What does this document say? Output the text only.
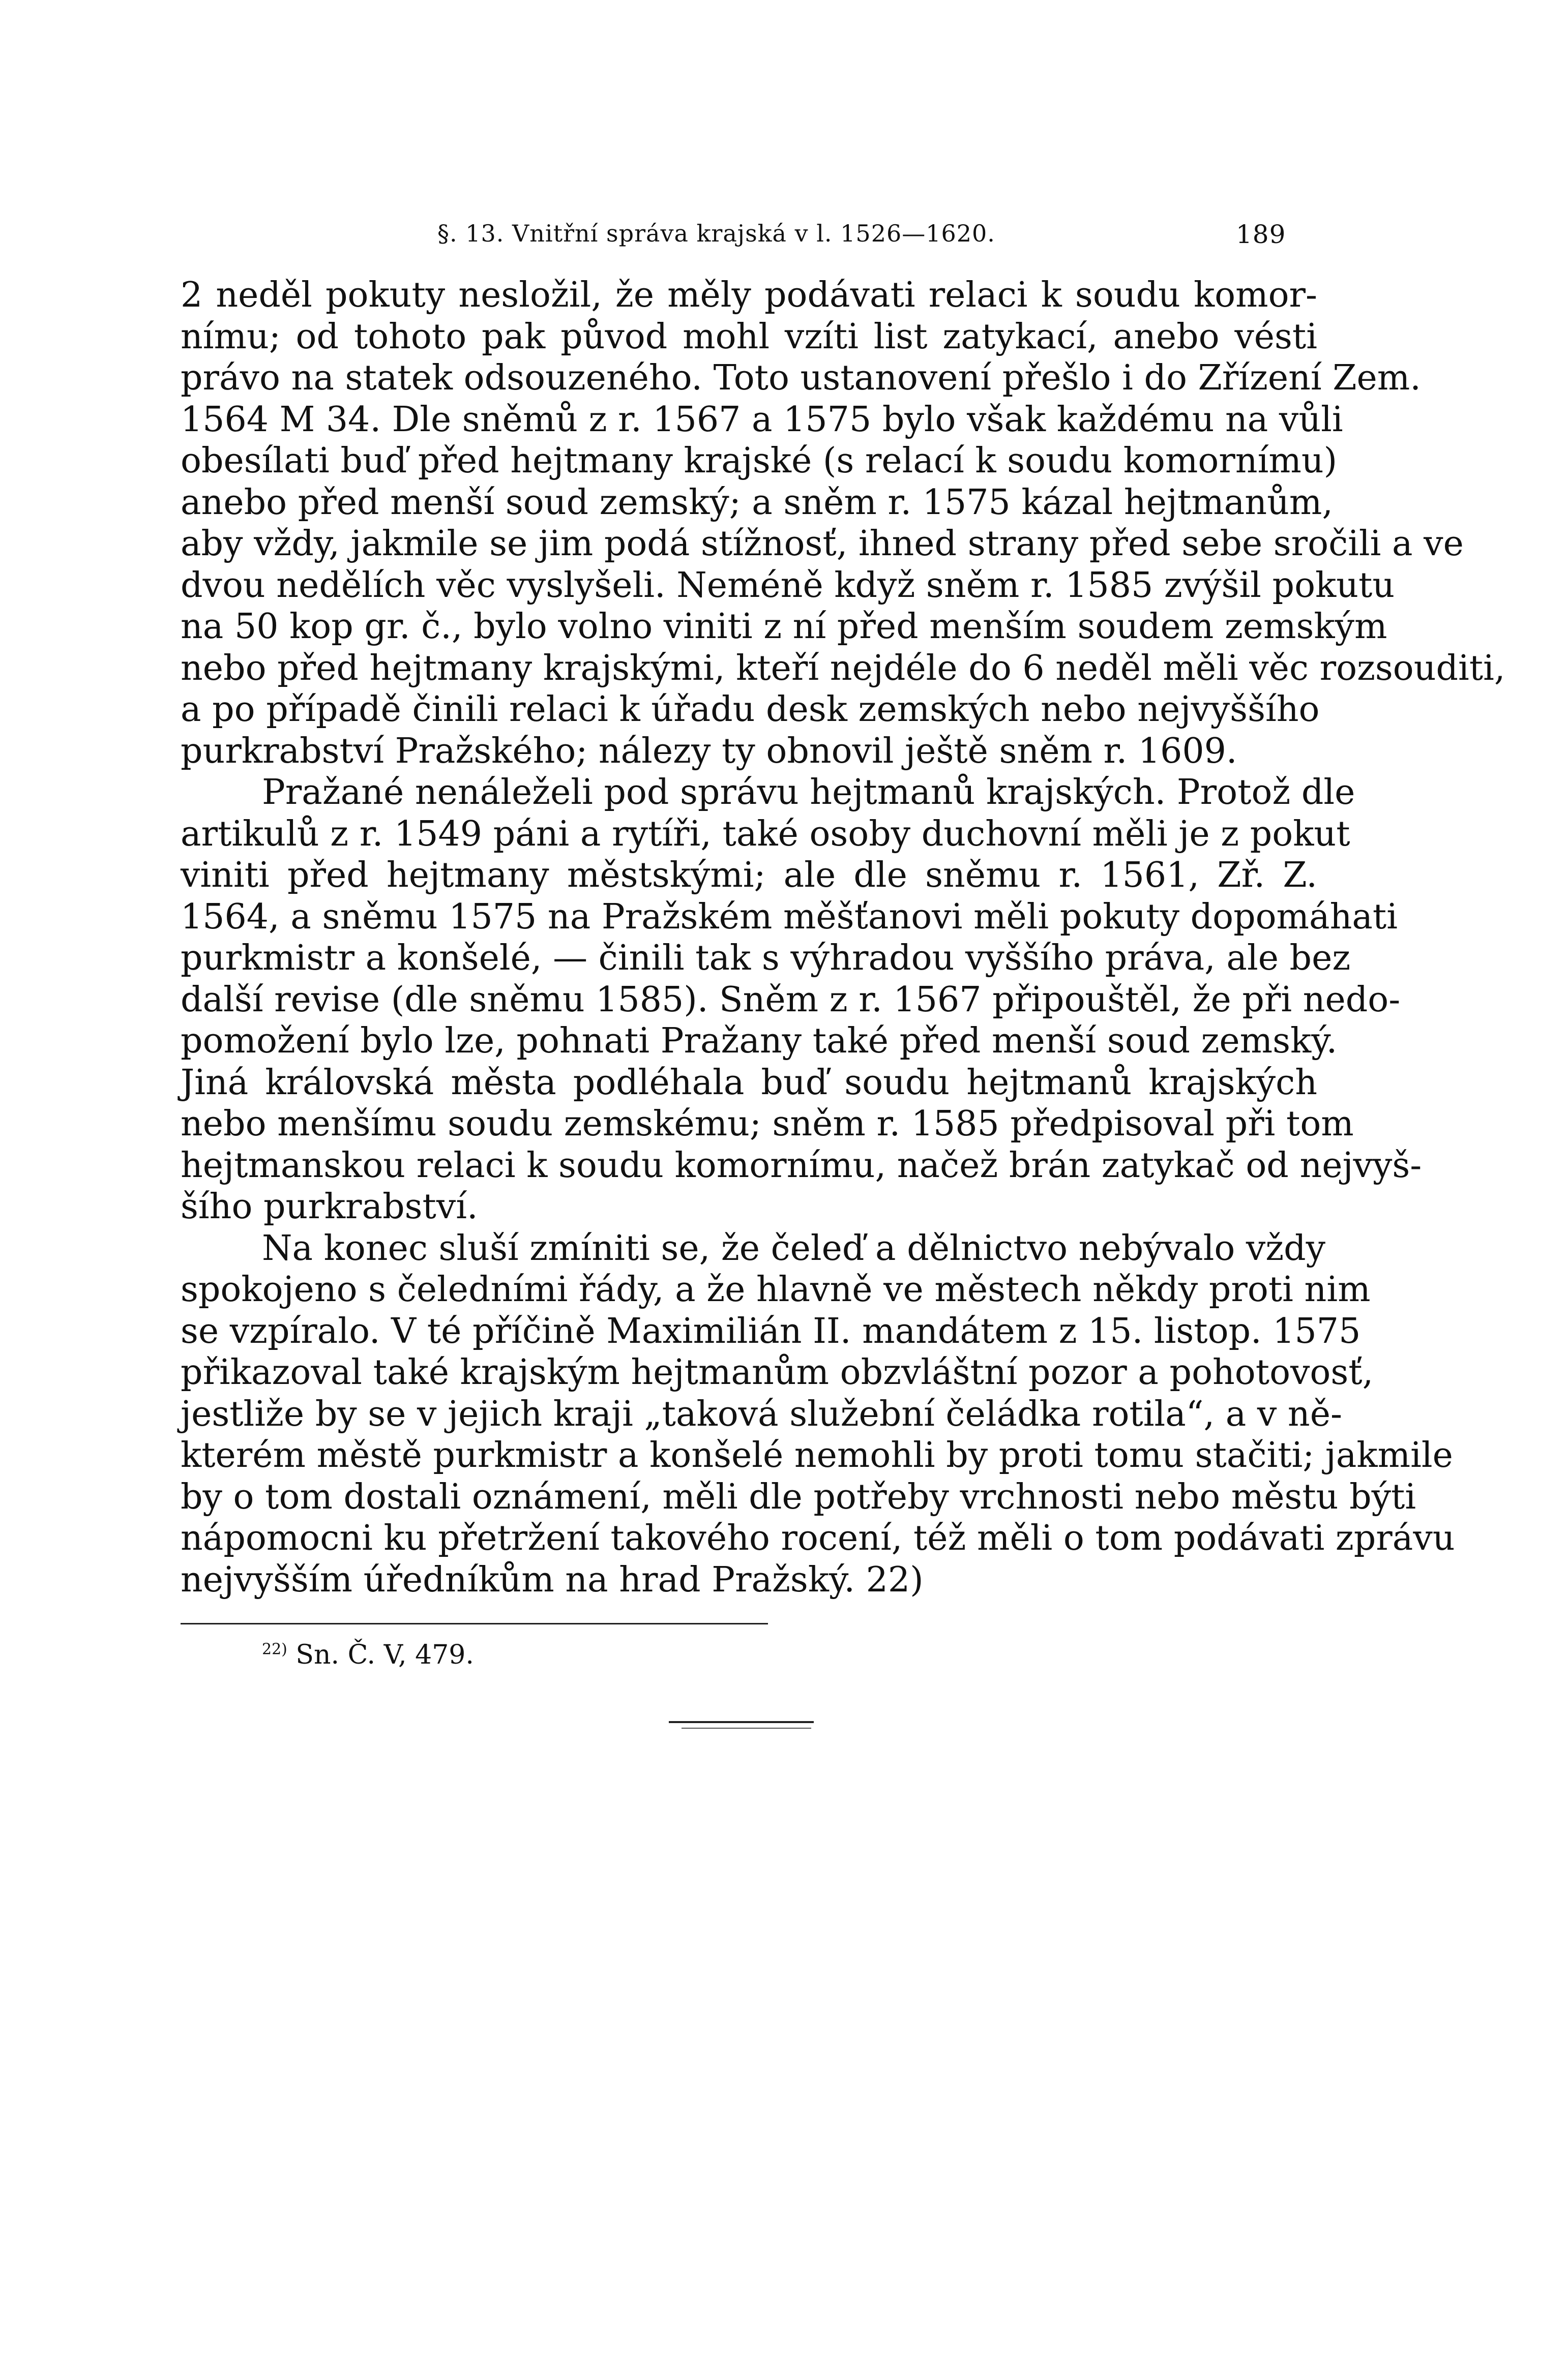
§. 13. Vnitřní správa krajská v l. 1526—1620.	189
2 neděl pokuty nesložil, že měly podávati relaci k soudu komor-
nímu; od tohoto pak původ mohl vzíti list zatykací, anebo vésti
právo na statek odsouzeného. Toto ustanovení přešlo i do Zřízení Zem.
1564 M 34. Dle sněmů z r. 1567 a 1575 bylo však každému na vůli
obesílati buď před hejtmany krajské (s relací k soudu komornímu)
anebo před menší soud zemský; a sněm r. 1575 kázal hejtmanům,
aby vždy, jakmile se jim podá stížnosť, ihned strany před sebe sročili a ve
dvou nedělích věc vyslyšeli. Neméně když sněm r. 1585 zvýšil pokutu
na 50 kop gr. č., bylo volno viniti z ní před menším soudem zemským
nebo před hejtmany krajskými, kteří nejdéle do 6 neděl měli věc rozsouditi,
a po případě činili relaci k úřadu desk zemských nebo nejvyššího
purkrabství Pražského; nálezy ty obnovil ještě sněm r. 1609.
Pražané nenáleželi pod správu hejtmanů krajských. Protož dle
artikulů z r. 1549 páni a rytíři, také osoby duchovní měli je z pokut
viniti před hejtmany městskými; ale dle sněmu r. 1561, Zř. Z.
1564, a sněmu 1575 na Pražském měšťanovi měli pokuty dopomáhati
purkmistr a konšelé, — činili tak s výhradou vyššího práva, ale bez
další revise (dle sněmu 1585). Sněm z r. 1567 připouštěl, že při nedo-
pomožení bylo lze, pohnati Pražany také před menší soud zemský.
Jiná královská města podléhala buď soudu hejtmanů krajských
nebo menšímu soudu zemskému; sněm r. 1585 předpisoval při tom
hejtmanskou relaci k soudu komornímu, načež brán zatykač od nejvyš-
šího purkrabství.
Na konec sluší zmíniti se, že čeleď a dělnictvo nebývalo vždy
spokojeno s čeledními řády, a že hlavně ve městech někdy proti nim
se vzpíralo. V té příčině Maximilián II. mandátem z 15. listop. 1575
přikazoval také krajským hejtmanům obzvláštní pozor a pohotovosť,
jestliže by se v jejich kraji „taková služební čeládka rotila“, a v ně-
kterém městě purkmistr a konšelé nemohli by proti tomu stačiti; jakmile
by o tom dostali oznámení, měli dle potřeby vrchnosti nebo městu býti
nápomocni ku přetržení takového rocení, též měli o tom podávati zprávu
nejvyšším úředníkům na hrad Pražský. 22)
$^{22)}$ Sn. Č. V, 479.
